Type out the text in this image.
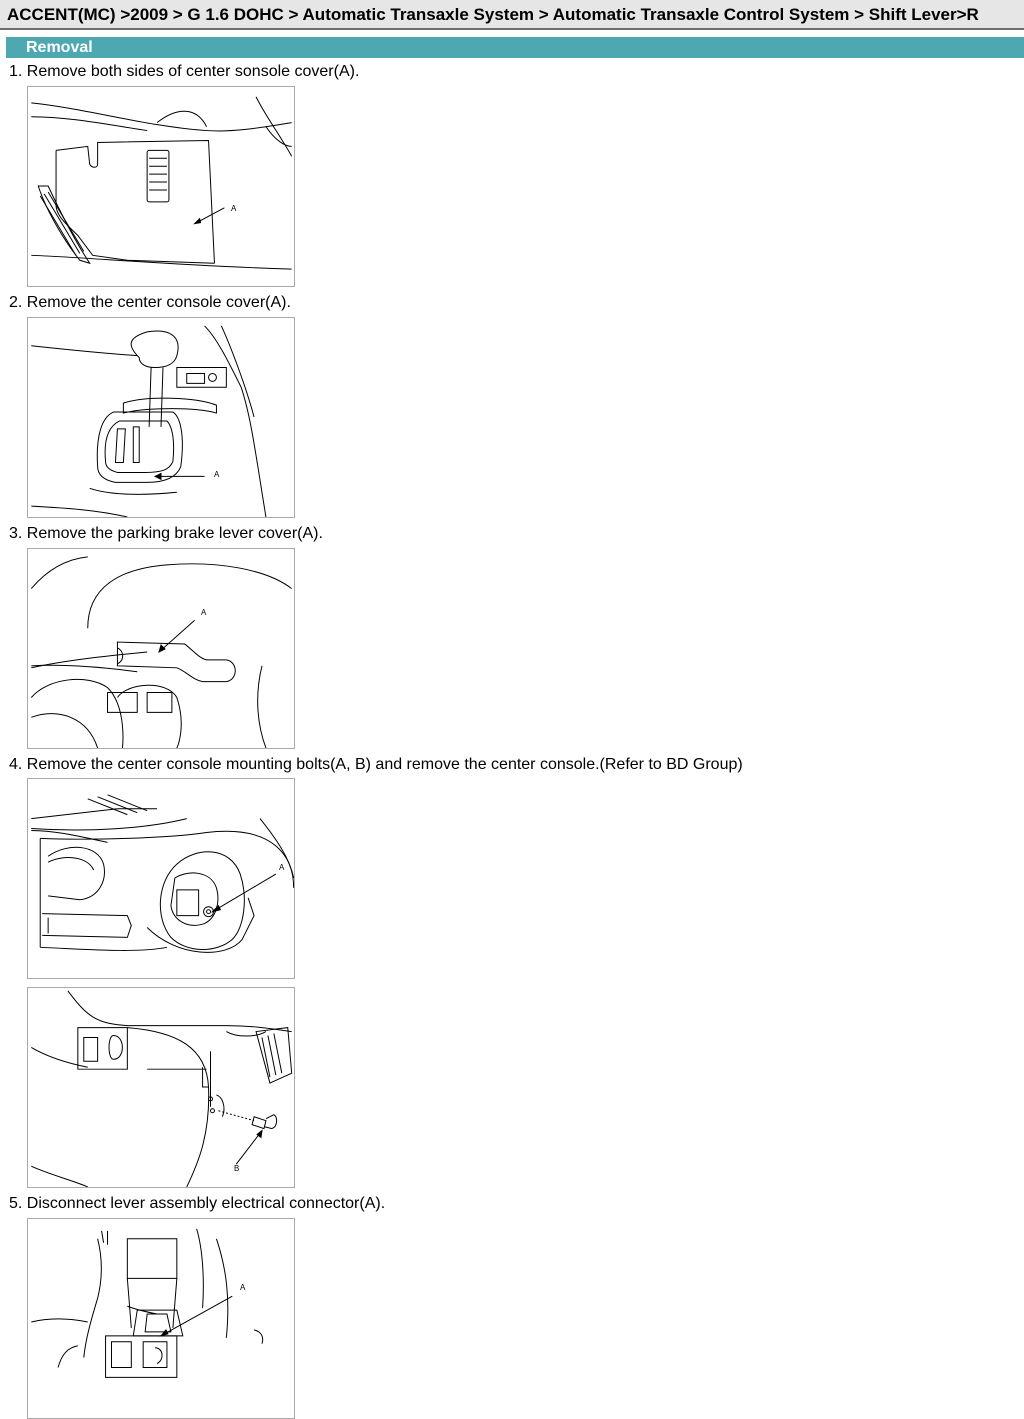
ACCENT(MC) >2009 > G 1.6 DOHC > Automatic Transaxle System > Automatic Transaxle Control System > Shift Lever>R
Removal
1. Remove both sides of center sonsole cover(A).
A
2. Remove the center console cover(A).
A
3. Remove the parking brake lever cover(A).
A
4. Remove the center console mounting bolts(A, B) and remove the center console.(Refer to BD Group)
A
B
5. Disconnect lever assembly electrical connector(A).
A
